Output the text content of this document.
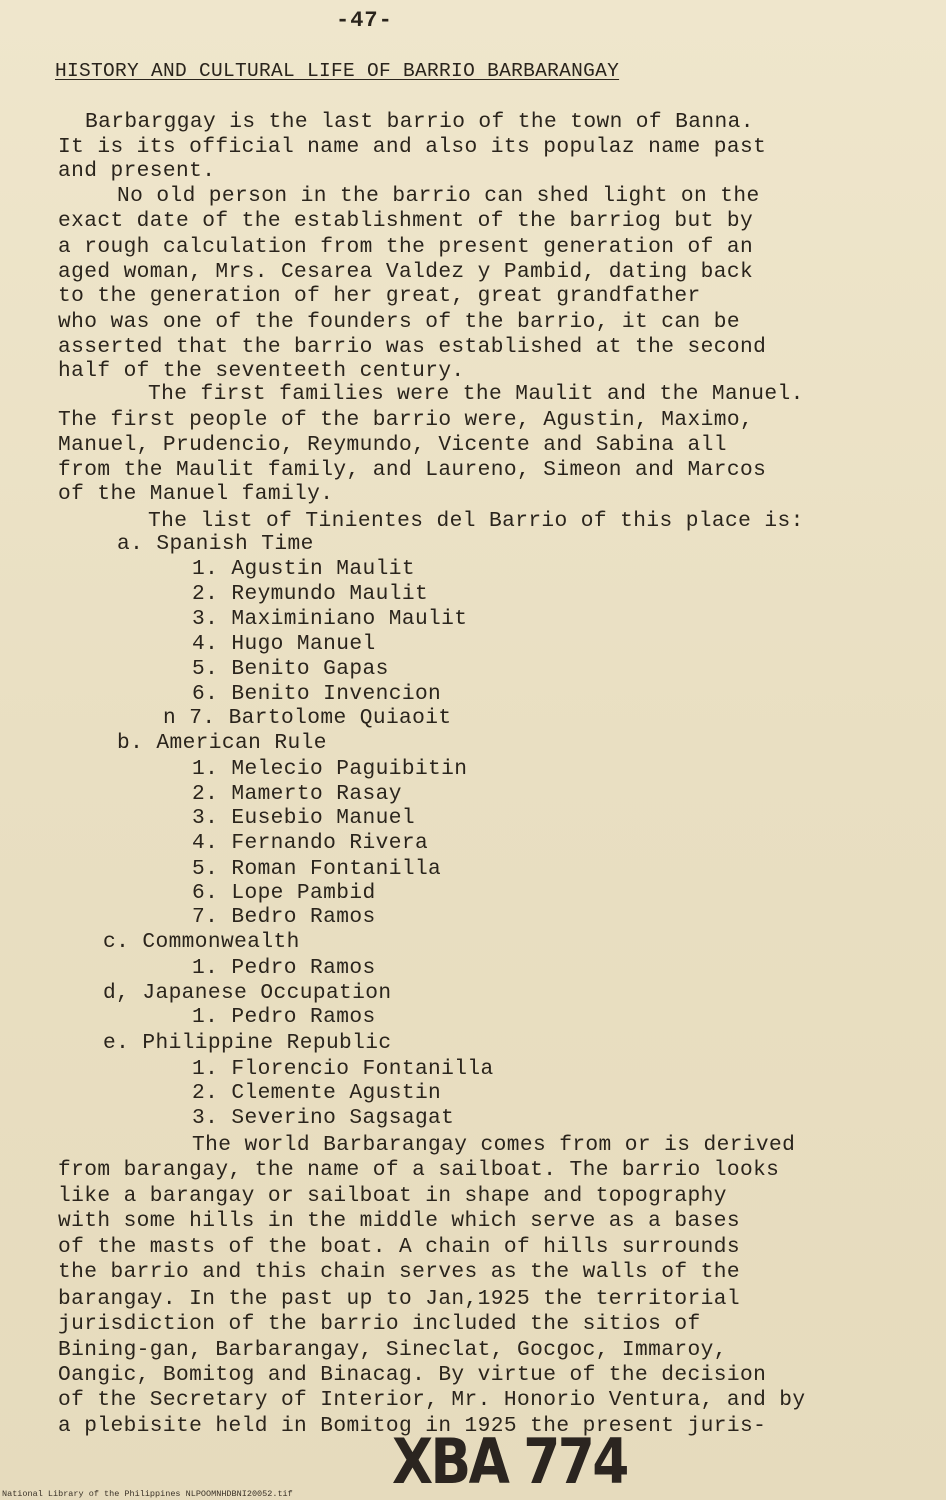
-47-
HISTORY AND CULTURAL LIFE OF BARRIO BARBARANGAY
Barbarggay is the last barrio of the town of Banna.
It is its official name and also its populaz name past
and present.
No old person in the barrio can shed light on the
exact date of the establishment of the barriog but by
a rough calculation from the present generation of an
aged woman, Mrs. Cesarea Valdez y Pambid, dating back
to the generation of her great, great grandfather
who was one of the founders of the barrio, it can be
asserted that the barrio was established at the second
half of the seventeeth century.
The first families were the Maulit and the Manuel.
The first people of the barrio were, Agustin, Maximo,
Manuel, Prudencio, Reymundo, Vicente and Sabina all
from the Maulit family, and Laureno, Simeon and Marcos
of the Manuel family.
The list of Tinientes del Barrio of this place is:
a. Spanish Time
1. Agustin Maulit
2. Reymundo Maulit
3. Maximiniano Maulit
4. Hugo Manuel
5. Benito Gapas
6. Benito Invencion
n 7. Bartolome Quiaoit
b. American Rule
1. Melecio Paguibitin
2. Mamerto Rasay
3. Eusebio Manuel
4. Fernando Rivera
5. Roman Fontanilla
6. Lope Pambid
7. Bedro Ramos
c. Commonwealth
1. Pedro Ramos
d, Japanese Occupation
1. Pedro Ramos
e. Philippine Republic
1. Florencio Fontanilla
2. Clemente Agustin
3. Severino Sagsagat
The world Barbarangay comes from or is derived
from barangay, the name of a sailboat. The barrio looks
like a barangay or sailboat in shape and topography
with some hills in the middle which serve as a bases
of the masts of the boat. A chain of hills surrounds
the barrio and this chain serves as the walls of the
barangay. In the past up to Jan,1925 the territorial
jurisdiction of the barrio included the sitios of
Bining-gan, Barbarangay, Sineclat, Gocgoc, Immaroy,
Oangic, Bomitog and Binacag. By virtue of the decision
of the Secretary of Interior, Mr. Honorio Ventura, and by
a plebisite held in Bomitog in 1925 the present juris-
XBA 774
National Library of the Philippines NLPOOMNHDBNI20052.tif
